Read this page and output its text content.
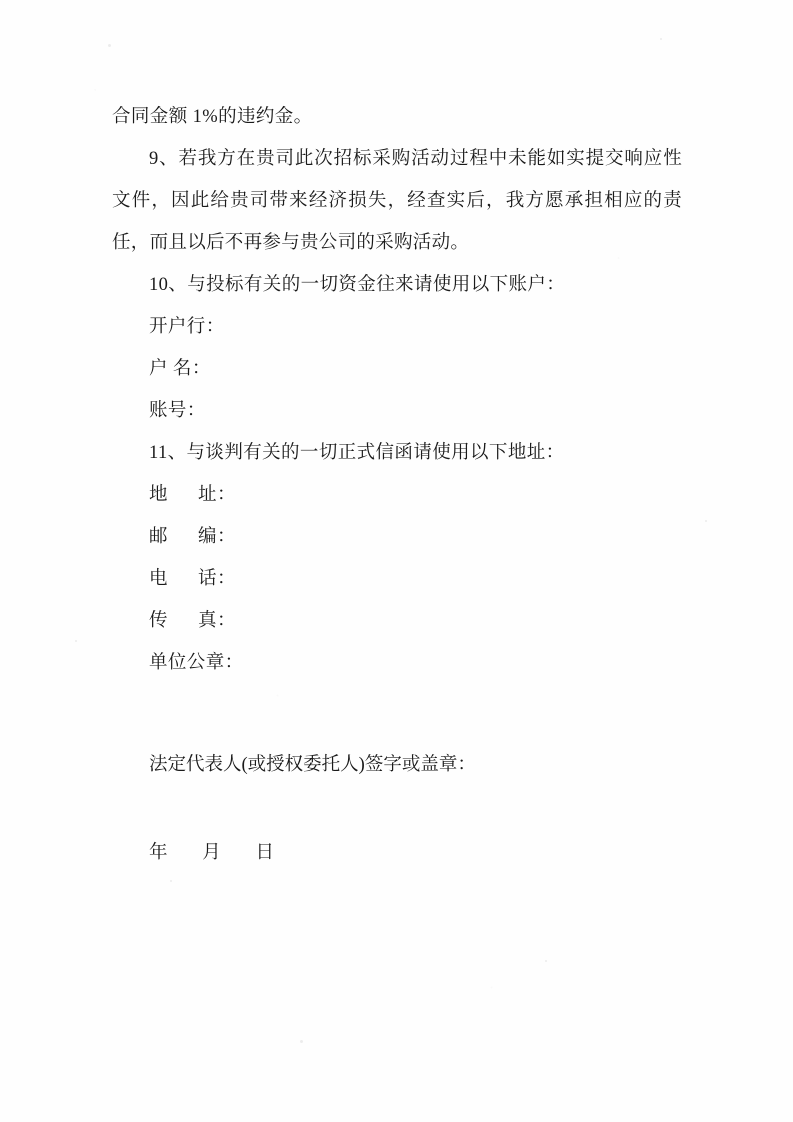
合同金额 1%的违约金。
9、若我方在贵司此次招标采购活动过程中未能如实提交响应性文件，因此给贵司带来经济损失，经查实后，我方愿承担相应的责任，而且以后不再参与贵公司的采购活动。
10、与投标有关的一切资金往来请使用以下账户：
开户行：
户 名：
账号：
11、与谈判有关的一切正式信函请使用以下地址：
地      址：
邮      编：
电      话：
传      真：
单位公章：
法定代表人(或授权委托人)签字或盖章：
年      月      日
